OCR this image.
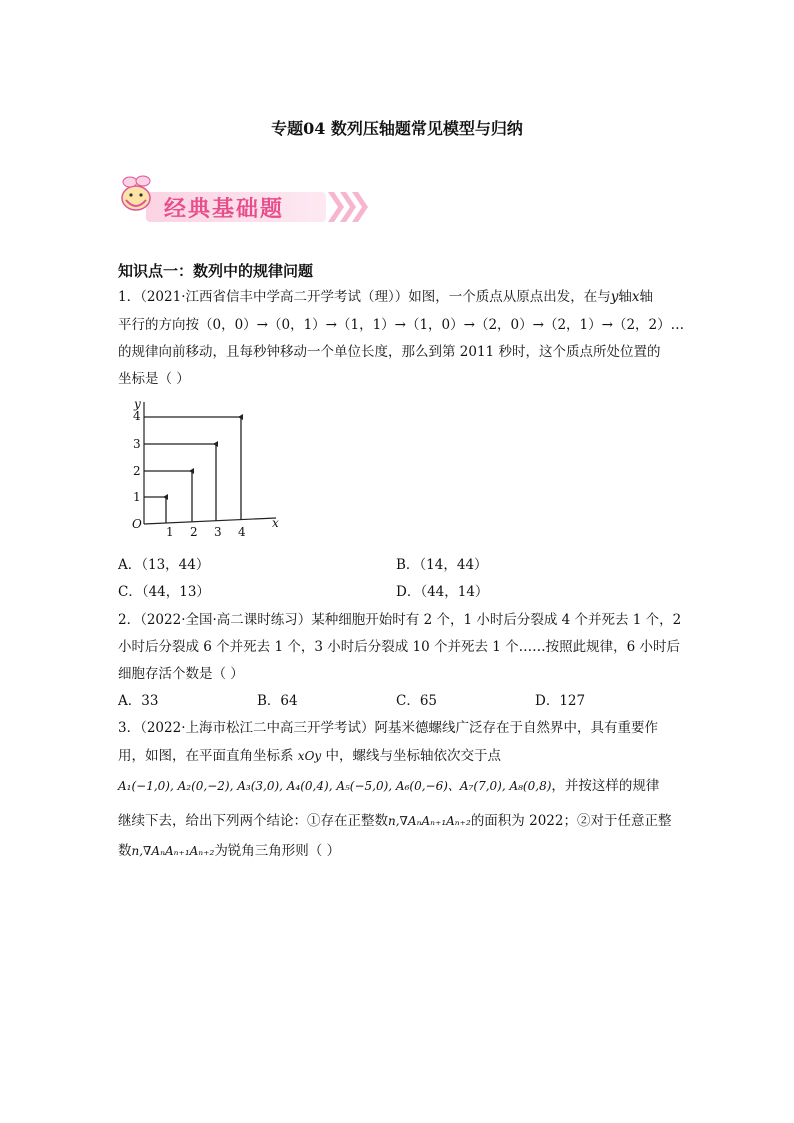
专题04 数列压轴题常见模型与归纳
经典基础题
知识点一：数列中的规律问题
1．（2021·江西省信丰中学高二开学考试（理））如图，一个质点从原点出发，在与y轴x轴
平行的方向按（0，0）→（0，1）→（1，1）→（1，0）→（2，0）→（2，1）→（2，2）…
的规律向前移动，且每秒钟移动一个单位长度，那么到第 2011 秒时，这个质点所处位置的
坐标是（ ）
y
x
O
1
2
3
4
1 2 3 4
A．（13，44）	B．（14，44）
C．（44，13）	D．（44，14）
2．（2022·全国·高二课时练习）某种细胞开始时有 2 个，1 小时后分裂成 4 个并死去 1 个，2
小时后分裂成 6 个并死去 1 个，3 小时后分裂成 10 个并死去 1 个……按照此规律，6 小时后
细胞存活个数是（ ）
A．33	B．64	C．65	D．127
3．（2022·上海市松江二中高三开学考试）阿基米德螺线广泛存在于自然界中，具有重要作
用，如图，在平面直角坐标系 xOy 中，螺线与坐标轴依次交于点
A₁(−1,0), A₂(0,−2), A₃(3,0), A₄(0,4), A₅(−5,0), A₆(0,−6)、A₇(7,0), A₈(0,8)，并按这样的规律
继续下去，给出下列两个结论：①存在正整数n,∇AₙAₙ₊₁Aₙ₊₂的面积为 2022；②对于任意正整
数n,∇AₙAₙ₊₁Aₙ₊₂为锐角三角形则（ ）
